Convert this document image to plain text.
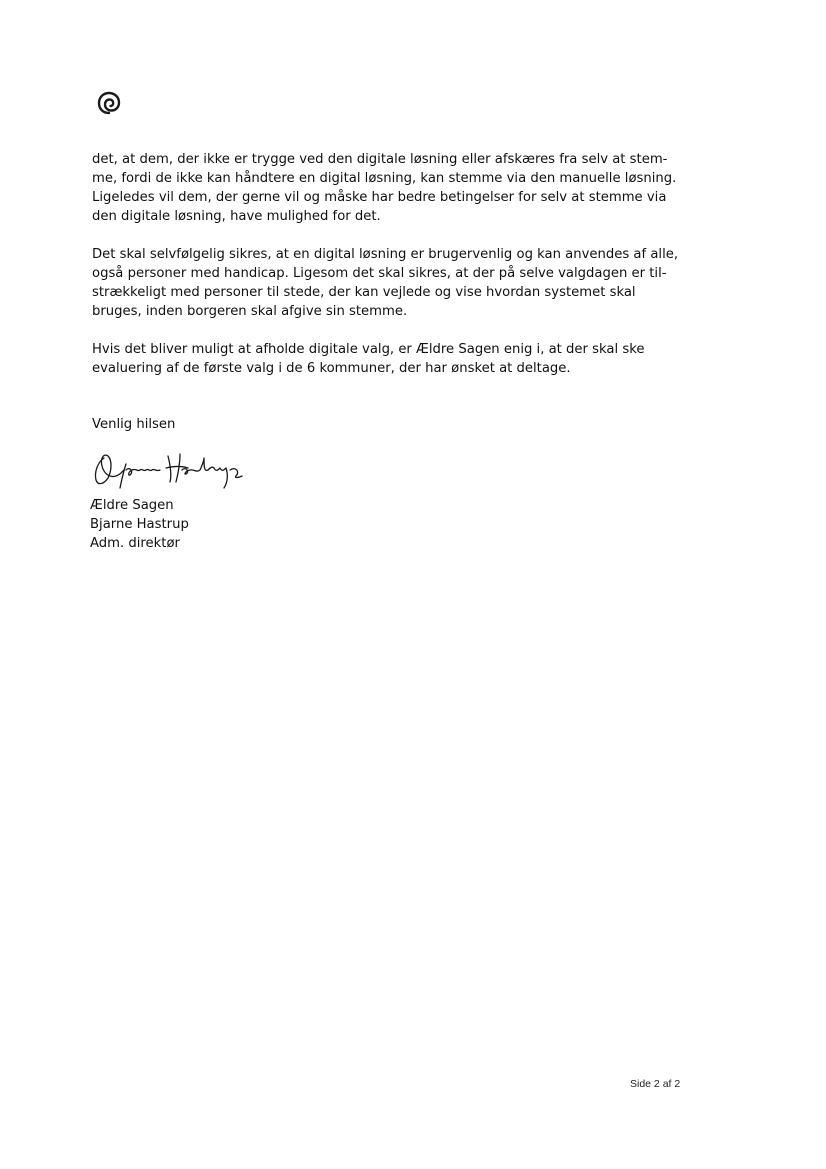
det, at dem, der ikke er trygge ved den digitale løsning eller afskæres fra selv at stem-
me, fordi de ikke kan håndtere en digital løsning, kan stemme via den manuelle løsning.
Ligeledes vil dem, der gerne vil og måske har bedre betingelser for selv at stemme via
den digitale løsning, have mulighed for det.
Det skal selvfølgelig sikres, at en digital løsning er brugervenlig og kan anvendes af alle,
også personer med handicap. Ligesom det skal sikres, at der på selve valgdagen er til-
strækkeligt med personer til stede, der kan vejlede og vise hvordan systemet skal
bruges, inden borgeren skal afgive sin stemme.
Hvis det bliver muligt at afholde digitale valg, er Ældre Sagen enig i, at der skal ske
evaluering af de første valg i de 6 kommuner, der har ønsket at deltage.
Venlig hilsen
Ældre Sagen
Bjarne Hastrup
Adm. direktør
Side 2 af 2
